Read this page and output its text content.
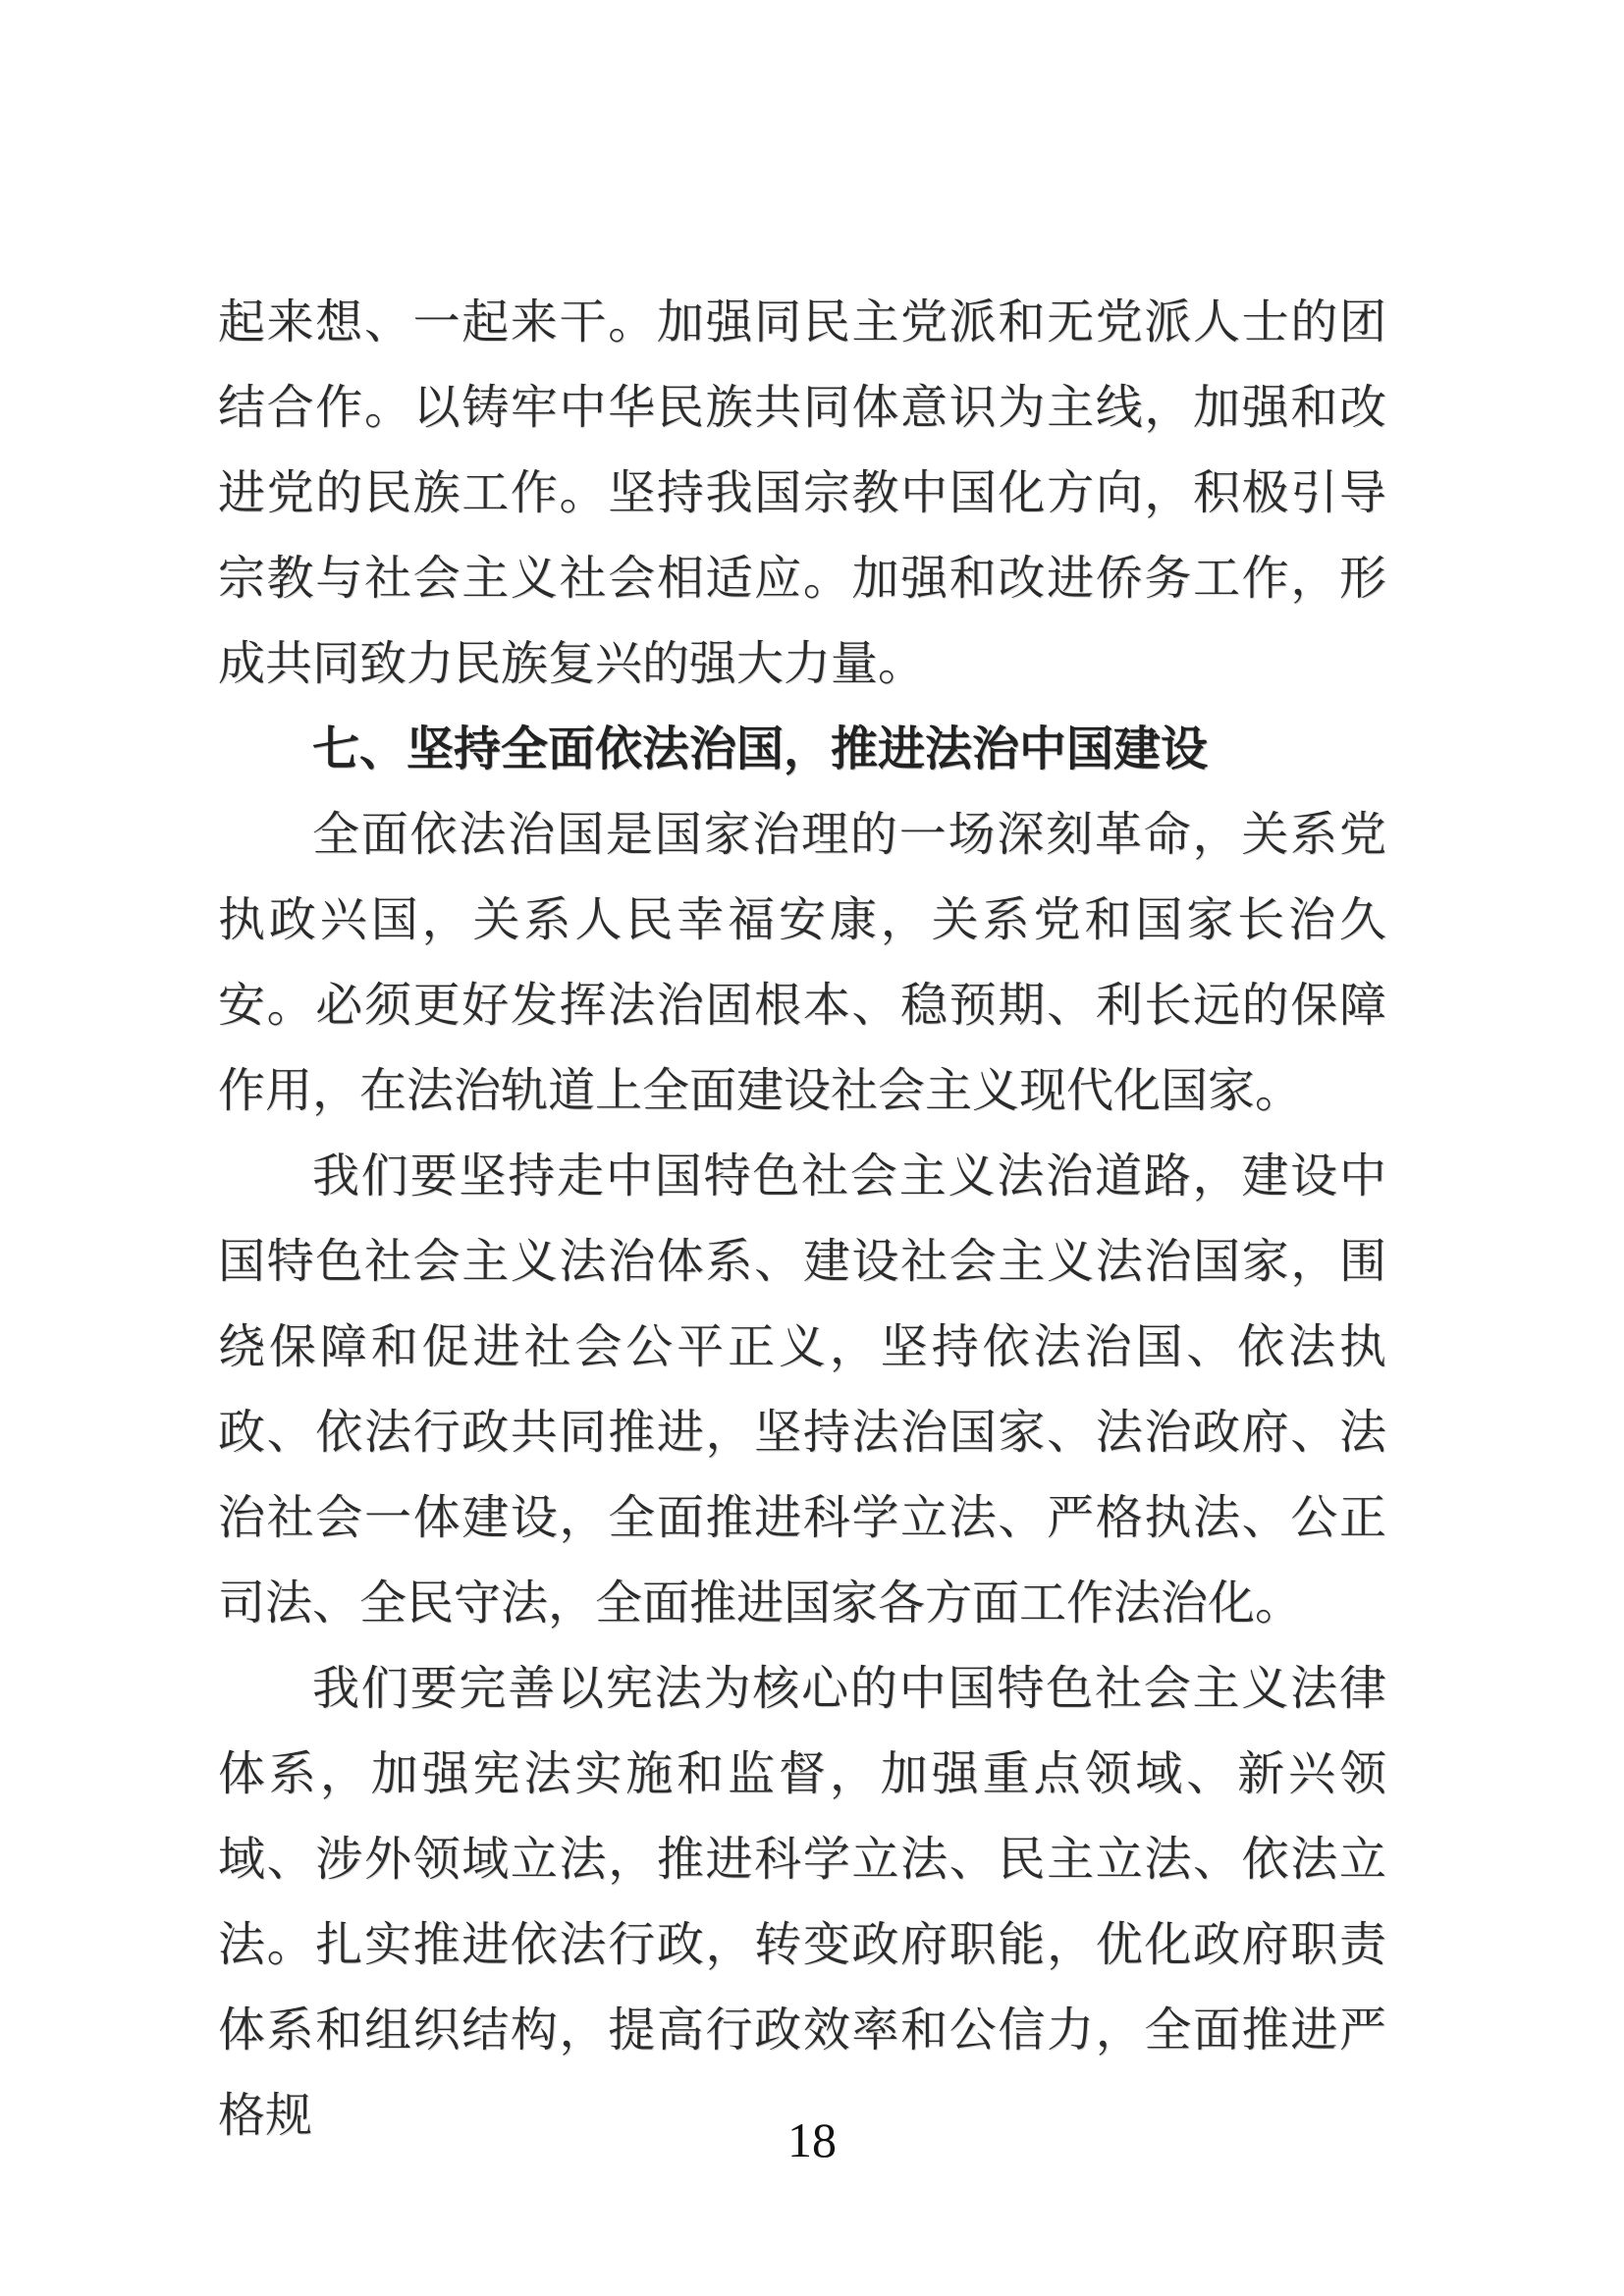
起来想、一起来干。加强同民主党派和无党派人士的团结合作。以铸牢中华民族共同体意识为主线，加强和改进党的民族工作。坚持我国宗教中国化方向，积极引导宗教与社会主义社会相适应。加强和改进侨务工作，形成共同致力民族复兴的强大力量。

七、坚持全面依法治国，推进法治中国建设

全面依法治国是国家治理的一场深刻革命，关系党执政兴国，关系人民幸福安康，关系党和国家长治久安。必须更好发挥法治固根本、稳预期、利长远的保障作用，在法治轨道上全面建设社会主义现代化国家。

我们要坚持走中国特色社会主义法治道路，建设中国特色社会主义法治体系、建设社会主义法治国家，围绕保障和促进社会公平正义，坚持依法治国、依法执政、依法行政共同推进，坚持法治国家、法治政府、法治社会一体建设，全面推进科学立法、严格执法、公正司法、全民守法，全面推进国家各方面工作法治化。

我们要完善以宪法为核心的中国特色社会主义法律体系，加强宪法实施和监督，加强重点领域、新兴领域、涉外领域立法，推进科学立法、民主立法、依法立法。扎实推进依法行政，转变政府职能，优化政府职责体系和组织结构，提高行政效率和公信力，全面推进严格规	18
